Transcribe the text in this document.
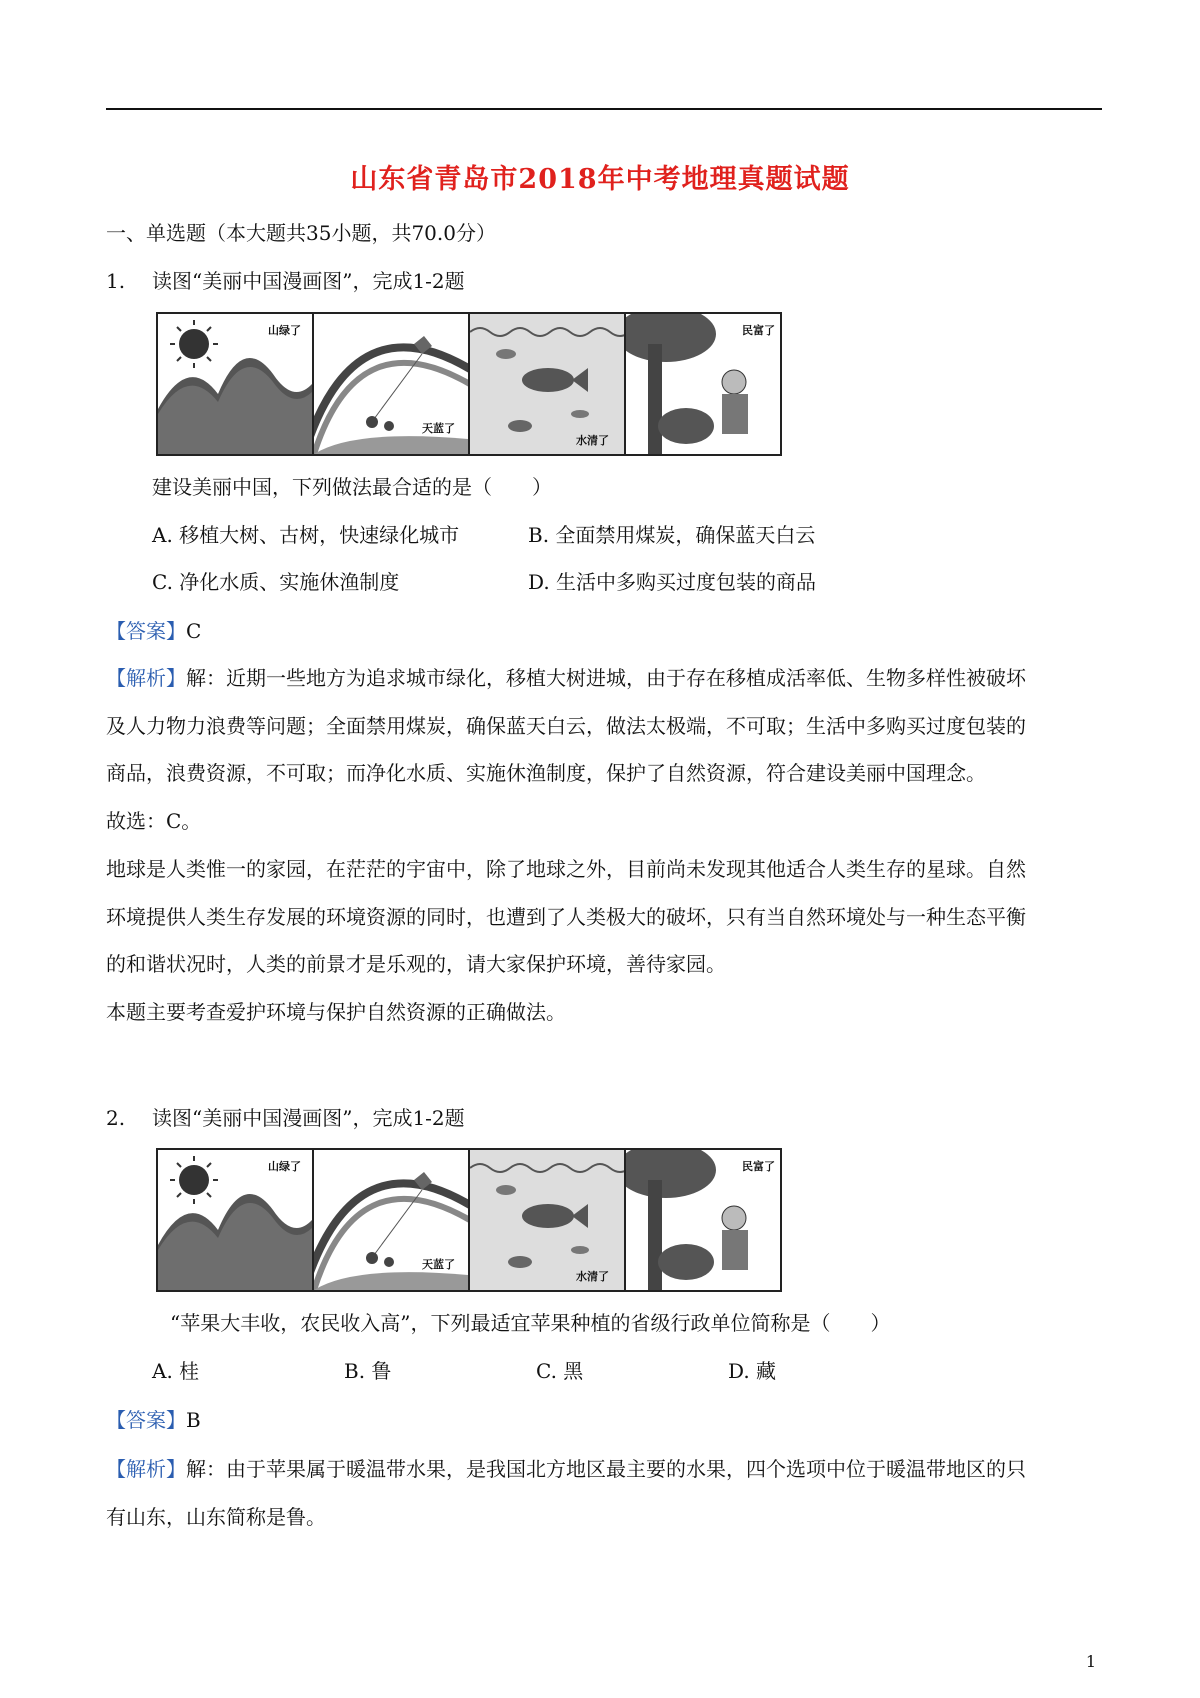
山东省青岛市2018年中考地理真题试题
一、单选题（本大题共35小题，共70.0分）
1. 读图“美丽中国漫画图”，完成1-2题
山绿了
天蓝了
水清了
民富了
建设美丽中国，下列做法最合适的是（　　）
A. 移植大树、古树，快速绿化城市	B. 全面禁用煤炭，确保蓝天白云
C. 净化水质、实施休渔制度	D. 生活中多购买过度包装的商品
【答案】C
【解析】解：近期一些地方为追求城市绿化，移植大树进城，由于存在移植成活率低、生物多样性被破坏
及人力物力浪费等问题；全面禁用煤炭，确保蓝天白云，做法太极端，不可取；生活中多购买过度包装的
商品，浪费资源，不可取；而净化水质、实施休渔制度，保护了自然资源，符合建设美丽中国理念。
故选：C。
地球是人类惟一的家园，在茫茫的宇宙中，除了地球之外，目前尚未发现其他适合人类生存的星球。自然
环境提供人类生存发展的环境资源的同时，也遭到了人类极大的破坏，只有当自然环境处与一种生态平衡
的和谐状况时，人类的前景才是乐观的，请大家保护环境，善待家园。
本题主要考查爱护环境与保护自然资源的正确做法。
2. 读图“美丽中国漫画图”，完成1-2题
山绿了
天蓝了
水清了
民富了
“苹果大丰收，农民收入高”，下列最适宜苹果种植的省级行政单位简称是（　　）
A. 桂	B. 鲁	C. 黑	D. 藏
【答案】B
【解析】解：由于苹果属于暖温带水果，是我国北方地区最主要的水果，四个选项中位于暖温带地区的只
有山东，山东简称是鲁。
1
